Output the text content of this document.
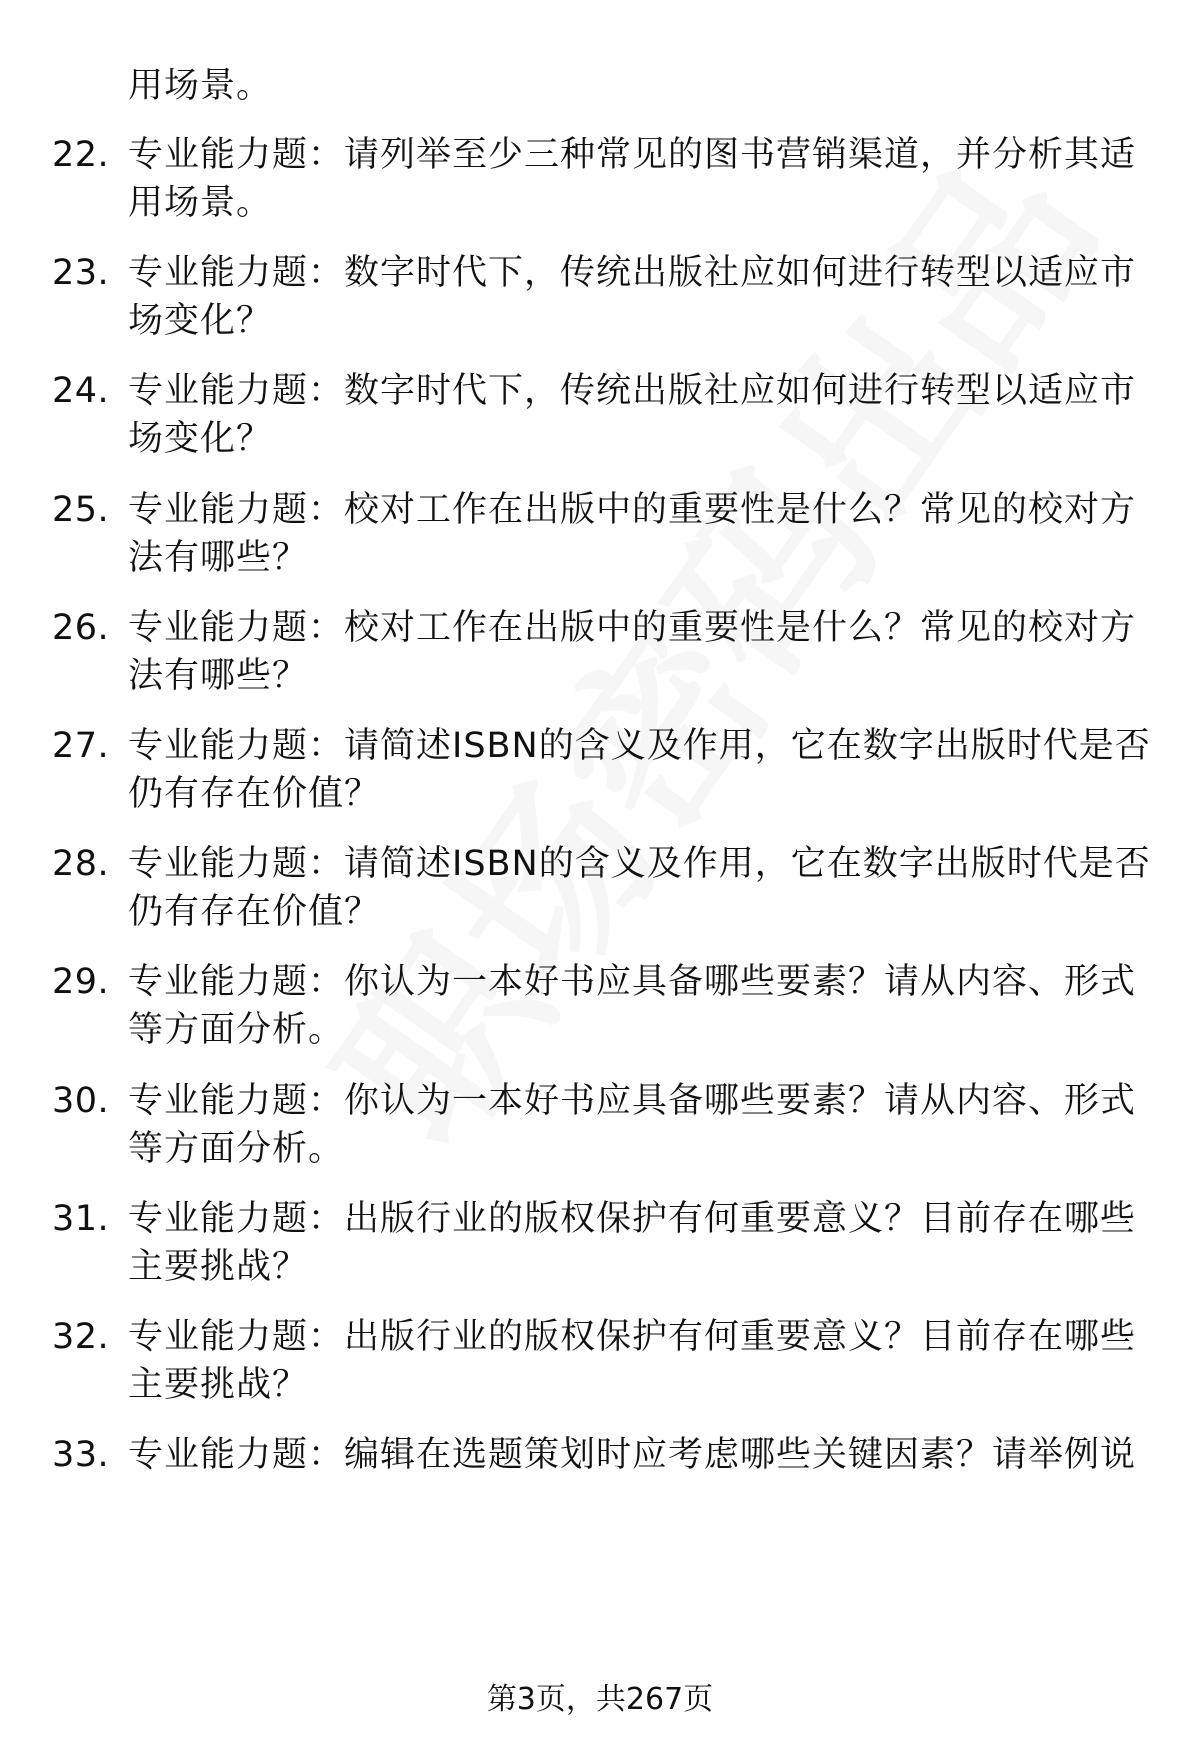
用场景。
22. 专业能力题：请列举至少三种常见的图书营销渠道，并分析其适
用场景。
23. 专业能力题：数字时代下，传统出版社应如何进行转型以适应市
场变化？
24. 专业能力题：数字时代下，传统出版社应如何进行转型以适应市
场变化？
25. 专业能力题：校对工作在出版中的重要性是什么？常见的校对方
法有哪些？
26. 专业能力题：校对工作在出版中的重要性是什么？常见的校对方
法有哪些？
27. 专业能力题：请简述ISBN的含义及作用，它在数字出版时代是否
仍有存在价值？
28. 专业能力题：请简述ISBN的含义及作用，它在数字出版时代是否
仍有存在价值？
29. 专业能力题：你认为一本好书应具备哪些要素？请从内容、形式
等方面分析。
30. 专业能力题：你认为一本好书应具备哪些要素？请从内容、形式
等方面分析。
31. 专业能力题：出版行业的版权保护有何重要意义？目前存在哪些
主要挑战？
32. 专业能力题：出版行业的版权保护有何重要意义？目前存在哪些
主要挑战？
33. 专业能力题：编辑在选题策划时应考虑哪些关键因素？请举例说
第3页，共267页
